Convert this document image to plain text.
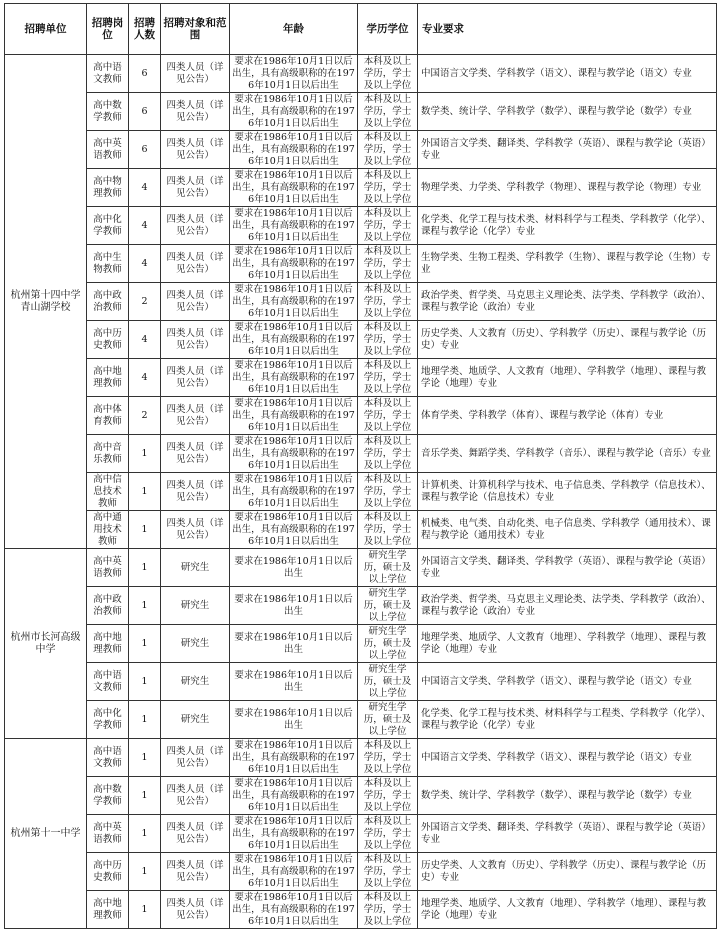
招聘单位	招聘岗位	招聘人数	招聘对象和范围	年龄	学历学位	专业要求
杭州第十四中学青山湖学校	高中语文教师	6	四类人员（详见公告）	要求在1986年10月1日以后出生，具有高级职称的在1976年10月1日以后出生	本科及以上学历，学士及以上学位	中国语言文学类、学科教学（语文）、课程与教学论（语文）专业
	高中数学教师	6	四类人员（详见公告）	要求在1986年10月1日以后出生，具有高级职称的在1976年10月1日以后出生	本科及以上学历，学士及以上学位	数学类、统计学、学科教学（数学）、课程与教学论（数学）专业
	高中英语教师	6	四类人员（详见公告）	要求在1986年10月1日以后出生，具有高级职称的在1976年10月1日以后出生	本科及以上学历，学士及以上学位	外国语言文学类、翻译类、学科教学（英语）、课程与教学论（英语）专业
	高中物理教师	4	四类人员（详见公告）	要求在1986年10月1日以后出生，具有高级职称的在1976年10月1日以后出生	本科及以上学历，学士及以上学位	物理学类、力学类、学科教学（物理）、课程与教学论（物理）专业
	高中化学教师	4	四类人员（详见公告）	要求在1986年10月1日以后出生，具有高级职称的在1976年10月1日以后出生	本科及以上学历，学士及以上学位	化学类、化学工程与技术类、材料科学与工程类、学科教学（化学）、课程与教学论（化学）专业
	高中生物教师	4	四类人员（详见公告）	要求在1986年10月1日以后出生，具有高级职称的在1976年10月1日以后出生	本科及以上学历，学士及以上学位	生物学类、生物工程类、学科教学（生物）、课程与教学论（生物）专业
	高中政治教师	2	四类人员（详见公告）	要求在1986年10月1日以后出生，具有高级职称的在1976年10月1日以后出生	本科及以上学历，学士及以上学位	政治学类、哲学类、马克思主义理论类、法学类、学科教学（政治）、课程与教学论（政治）专业
	高中历史教师	4	四类人员（详见公告）	要求在1986年10月1日以后出生，具有高级职称的在1976年10月1日以后出生	本科及以上学历，学士及以上学位	历史学类、人文教育（历史）、学科教学（历史）、课程与教学论（历史）专业
	高中地理教师	4	四类人员（详见公告）	要求在1986年10月1日以后出生，具有高级职称的在1976年10月1日以后出生	本科及以上学历，学士及以上学位	地理学类、地质学、人文教育（地理）、学科教学（地理）、课程与教学论（地理）专业
	高中体育教师	2	四类人员（详见公告）	要求在1986年10月1日以后出生，具有高级职称的在1976年10月1日以后出生	本科及以上学历，学士及以上学位	体育学类、学科教学（体育）、课程与教学论（体育）专业
	高中音乐教师	1	四类人员（详见公告）	要求在1986年10月1日以后出生，具有高级职称的在1976年10月1日以后出生	本科及以上学历，学士及以上学位	音乐学类、舞蹈学类、学科教学（音乐）、课程与教学论（音乐）专业
	高中信息技术教师	1	四类人员（详见公告）	要求在1986年10月1日以后出生，具有高级职称的在1976年10月1日以后出生	本科及以上学历，学士及以上学位	计算机类、计算机科学与技术、电子信息类、学科教学（信息技术）、课程与教学论（信息技术）专业
	高中通用技术教师	1	四类人员（详见公告）	要求在1986年10月1日以后出生，具有高级职称的在1976年10月1日以后出生	本科及以上学历，学士及以上学位	机械类、电气类、自动化类、电子信息类、学科教学（通用技术）、课程与教学论（通用技术）专业
杭州市长河高级中学	高中英语教师	1	研究生	要求在1986年10月1日以后出生	研究生学历，硕士及以上学位	外国语言文学类、翻译类、学科教学（英语）、课程与教学论（英语）专业
	高中政治教师	1	研究生	要求在1986年10月1日以后出生	研究生学历，硕士及以上学位	政治学类、哲学类、马克思主义理论类、法学类、学科教学（政治）、课程与教学论（政治）专业
	高中地理教师	1	研究生	要求在1986年10月1日以后出生	研究生学历，硕士及以上学位	地理学类、地质学、人文教育（地理）、学科教学（地理）、课程与教学论（地理）专业
	高中语文教师	1	研究生	要求在1986年10月1日以后出生	研究生学历，硕士及以上学位	中国语言文学类、学科教学（语文）、课程与教学论（语文）专业
	高中化学教师	1	研究生	要求在1986年10月1日以后出生	研究生学历，硕士及以上学位	化学类、化学工程与技术类、材料科学与工程类、学科教学（化学）、课程与教学论（化学）专业
杭州第十一中学	高中语文教师	1	四类人员（详见公告）	要求在1986年10月1日以后出生，具有高级职称的在1976年10月1日以后出生	本科及以上学历，学士及以上学位	中国语言文学类、学科教学（语文）、课程与教学论（语文）专业
	高中数学教师	1	四类人员（详见公告）	要求在1986年10月1日以后出生，具有高级职称的在1976年10月1日以后出生	本科及以上学历，学士及以上学位	数学类、统计学、学科教学（数学）、课程与教学论（数学）专业
	高中英语教师	1	四类人员（详见公告）	要求在1986年10月1日以后出生，具有高级职称的在1976年10月1日以后出生	本科及以上学历，学士及以上学位	外国语言文学类、翻译类、学科教学（英语）、课程与教学论（英语）专业
	高中历史教师	1	四类人员（详见公告）	要求在1986年10月1日以后出生，具有高级职称的在1976年10月1日以后出生	本科及以上学历，学士及以上学位	历史学类、人文教育（历史）、学科教学（历史）、课程与教学论（历史）专业
	高中地理教师	1	四类人员（详见公告）	要求在1986年10月1日以后出生，具有高级职称的在1976年10月1日以后出生	本科及以上学历，学士及以上学位	地理学类、地质学、人文教育（地理）、学科教学（地理）、课程与教学论（地理）专业
